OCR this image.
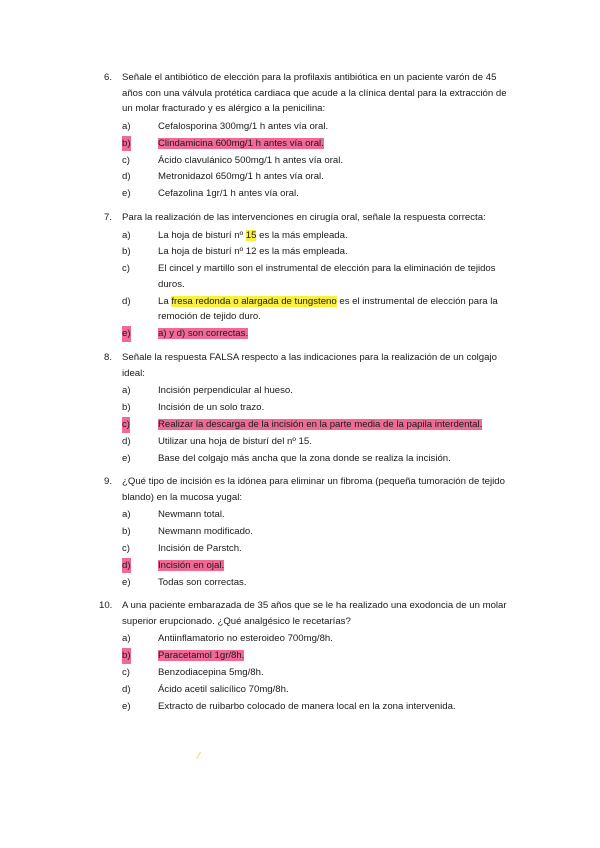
6. Señale el antibiótico de elección para la profilaxis antibiótica en un paciente varón de 45 años con una válvula protética cardiaca que acude a la clínica dental para la extracción de un molar fracturado y es alérgico a la penicilina:
a)	Cefalosporina 300mg/1 h antes vía oral.
b)	Clindamicina 600mg/1 h antes vía oral.
c)	Ácido clavulánico 500mg/1 h antes vía oral.
d)	Metronidazol 650mg/1 h antes vía oral.
e)	Cefazolina 1gr/1 h antes vía oral.
7. Para la realización de las intervenciones en cirugía oral, señale la respuesta correcta:
a)	La hoja de bisturí nº 15 es la más empleada.
b)	La hoja de bisturí nº 12 es la más empleada.
c)	El cincel y martillo son el instrumental de elección para la eliminación de tejidos duros.
d)	La fresa redonda o alargada de tungsteno es el instrumental de elección para la remoción de tejido duro.
e)	a) y d) son correctas.
8. Señale la respuesta FALSA respecto a las indicaciones para la realización de un colgajo ideal:
a)	Incisión perpendicular al hueso.
b)	Incisión de un solo trazo.
c)	Realizar la descarga de la incisión en la parte media de la papila interdental.
d)	Utilizar una hoja de bisturí del nº 15.
e)	Base del colgajo más ancha que la zona donde se realiza la incisión.
9. ¿Qué tipo de incisión es la idónea para eliminar un fibroma (pequeña tumoración de tejido blando) en la mucosa yugal:
a)	Newmann total.
b)	Newmann modificado.
c)	Incisión de Parstch.
d)	Incisión en ojal.
e)	Todas son correctas.
10. A una paciente embarazada de 35 años que se le ha realizado una exodoncia de un molar superior erupcionado. ¿Qué analgésico le recetarías?
a)	Antiinflamatorio no esteroideo 700mg/8h.
b)	Paracetamol 1gr/8h.
c)	Benzodiacepina 5mg/8h.
d)	Ácido acetil salicílico 70mg/8h.
e)	Extracto de ruibarbo colocado de manera local en la zona intervenida.
